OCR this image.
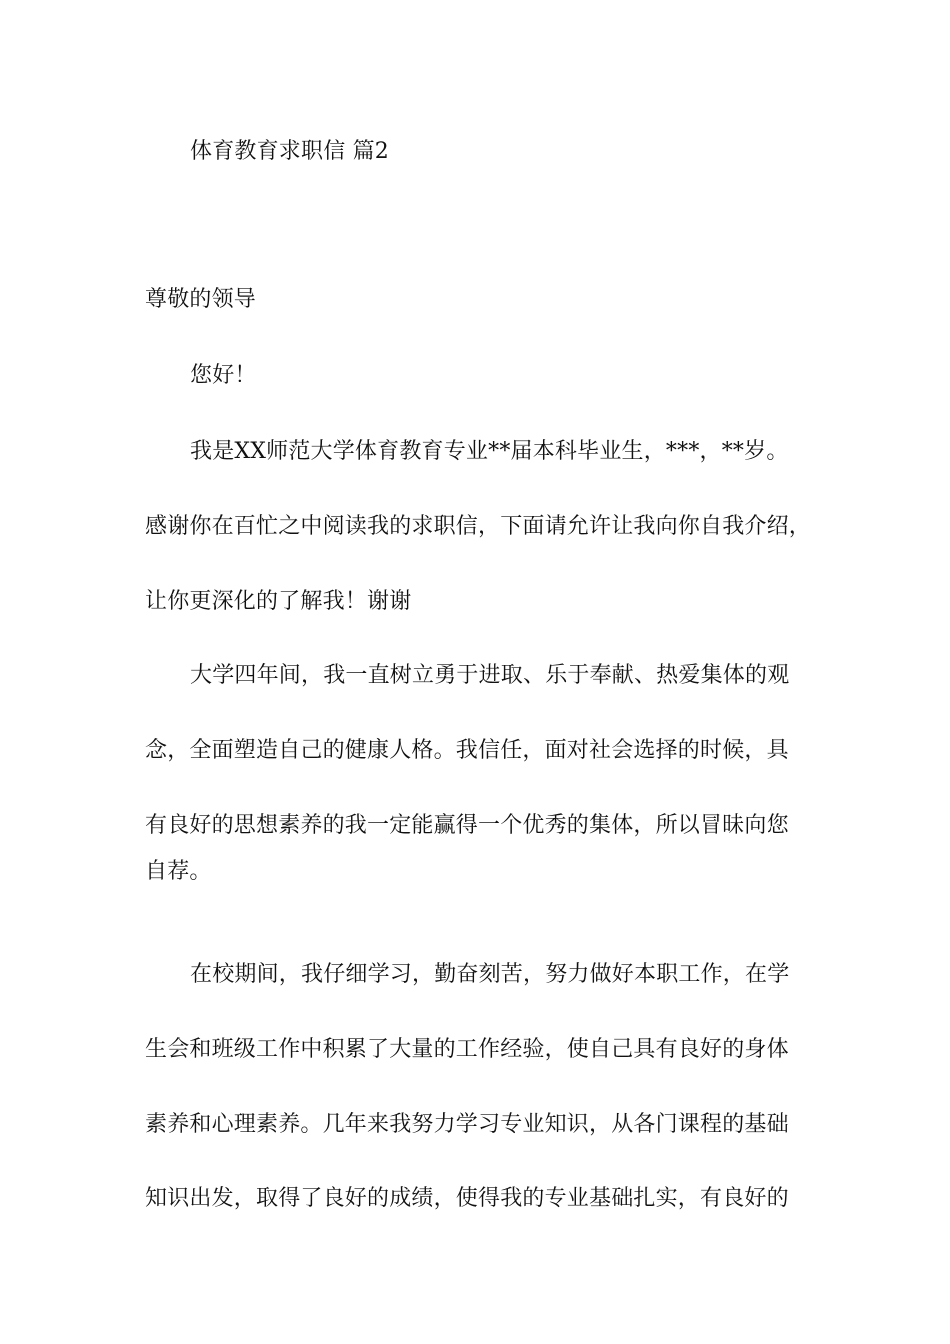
体育教育求职信 篇2
尊敬的领导
您好！
我是XX师范大学体育教育专业**届本科毕业生，***，**岁。
感谢你在百忙之中阅读我的求职信，下面请允许让我向你自我介绍，
让你更深化的了解我！谢谢
大学四年间，我一直树立勇于进取、乐于奉献、热爱集体的观
念，全面塑造自己的健康人格。我信任，面对社会选择的时候，具
有良好的思想素养的我一定能赢得一个优秀的集体，所以冒昧向您
自荐。
在校期间，我仔细学习，勤奋刻苦，努力做好本职工作，在学
生会和班级工作中积累了大量的工作经验，使自己具有良好的身体
素养和心理素养。几年来我努力学习专业知识，从各门课程的基础
知识出发，取得了良好的成绩，使得我的专业基础扎实，有良好的
